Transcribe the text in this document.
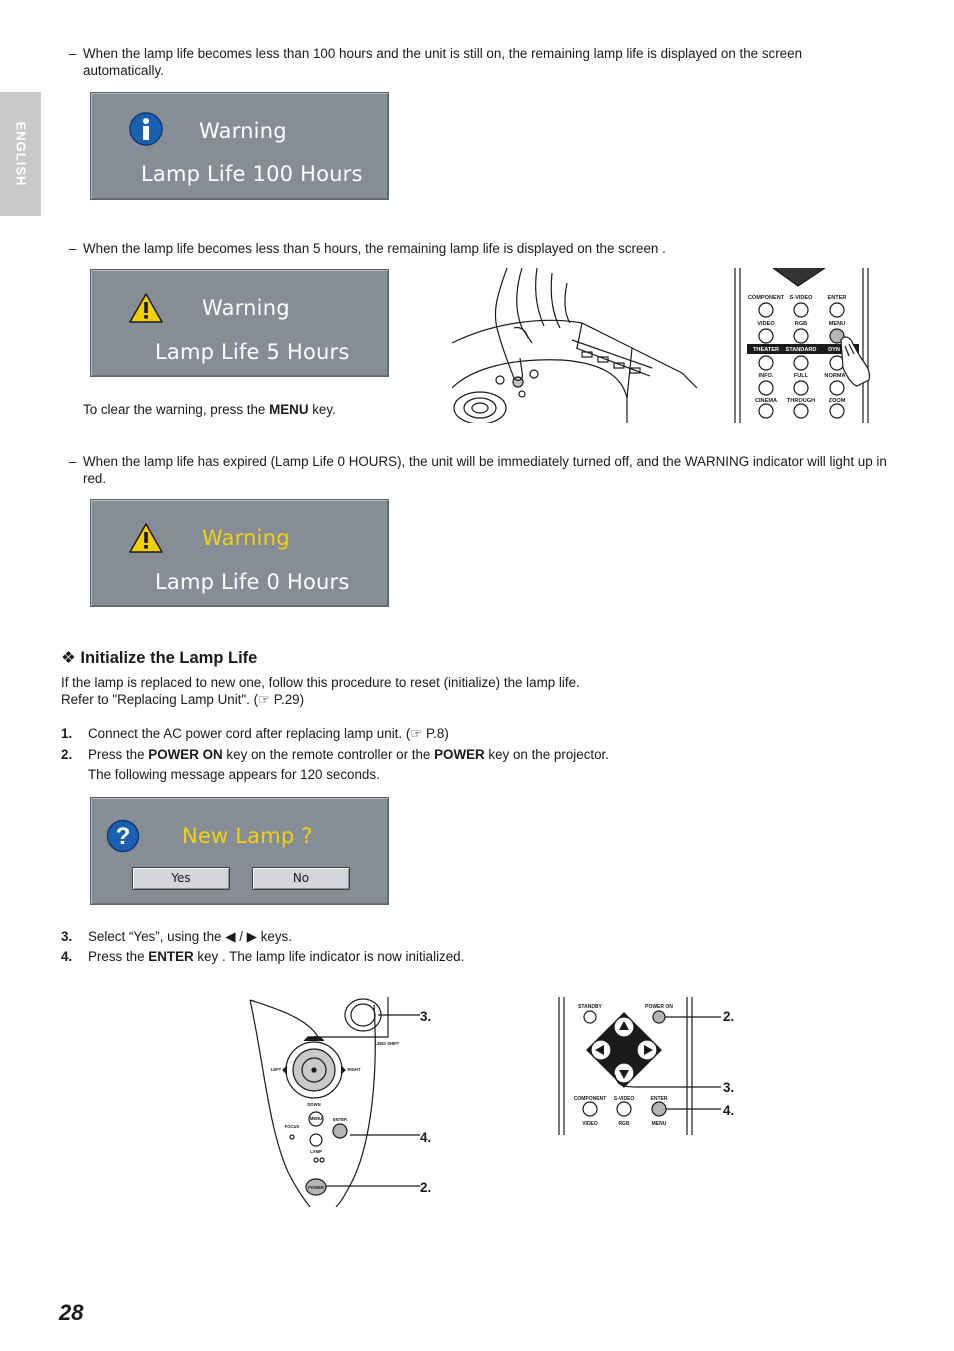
ENGLISH
– When the lamp life becomes less than 100 hours and the unit is still on, the remaining lamp life is displayed on the screen automatically.
Warning
Lamp Life 100 Hours
– When the lamp life becomes less than 5 hours, the remaining lamp life is displayed on the screen .
Warning
Lamp Life 5 Hours
To clear the warning, press the MENU key.
COMPONENT S-VIDEO	ENTER
VIDEO	RGB	MENU
THEATER STANDARD DYN
INFO.	FULL	NORMA
CINEMA THROUGH ZOOM
– When the lamp life has expired (Lamp Life 0 HOURS), the unit will be immediately turned off, and the WARNING indicator will light up in red.
Warning
Lamp Life 0 Hours
❖ Initialize the Lamp Life
If the lamp is replaced to new one, follow this procedure to reset (initialize) the lamp life.
Refer to "Replacing Lamp Unit". (☞ P.29)
1. Connect the AC power cord after replacing lamp unit. (☞ P.8)
2. Press the POWER ON key on the remote controller or the POWER key on the projector.
The following message appears for 120 seconds.
? New Lamp ?
Yes	No
3. Select “Yes”, using the ◀ / ▶ keys.
4. Press the ENTER key . The lamp life indicator is now initialized.
UP
DOWN
LEFT	RIGHT
LENS SHIFT
FOCUS
ENTER
MENU
LAMP
POWER
3.
4.
2.
STANDBY	POWER ON
COMPONENT S-VIDEO	ENTER
VIDEO	RGB	MENU
2.
3.
4.
28
